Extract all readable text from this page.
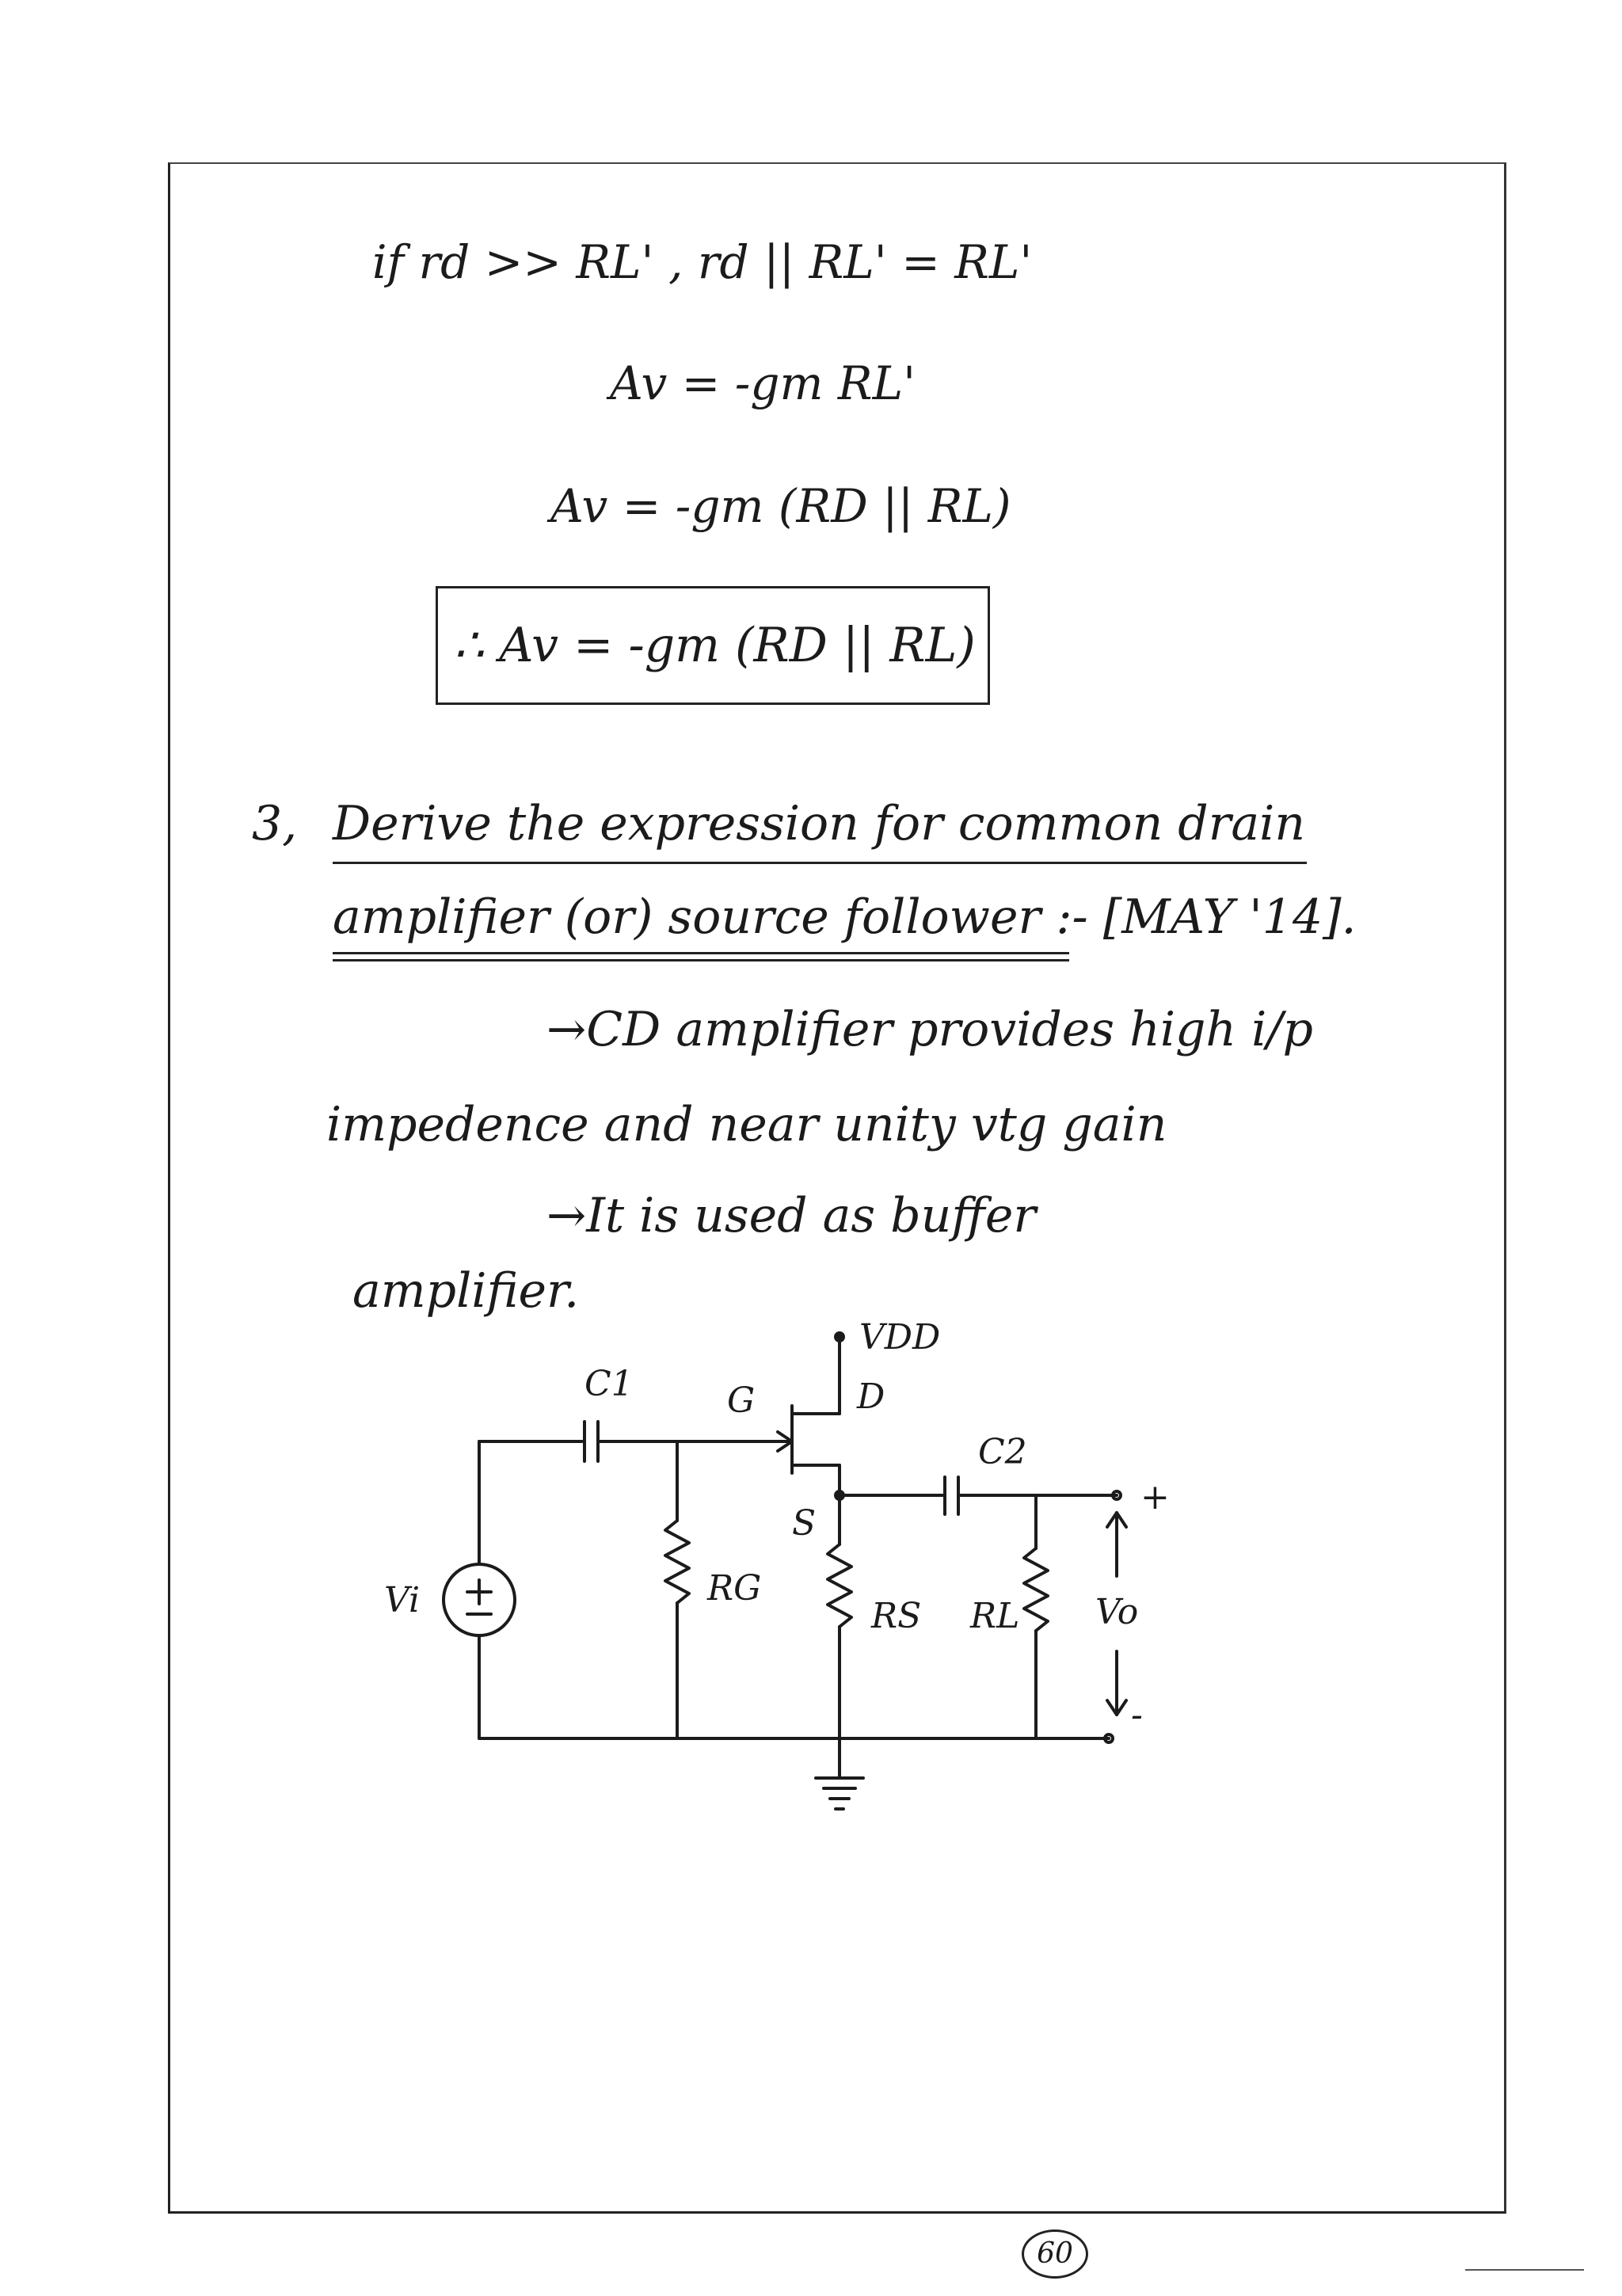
if rd >> RL' , rd || RL' = RL'
Av = -gm RL'
Av = -gm (RD || RL)
∴ Av = -gm (RD || RL)
3, Derive the expression for common drain
amplifier (or) source follower :- [MAY '14].
→CD amplifier provides high i/p
impedence and near unity vtg gain
→It is used as buffer
amplifier.
VDD
D
G
S
C1
C2
RG
RS RL
Vi	Vo
+
-
60
